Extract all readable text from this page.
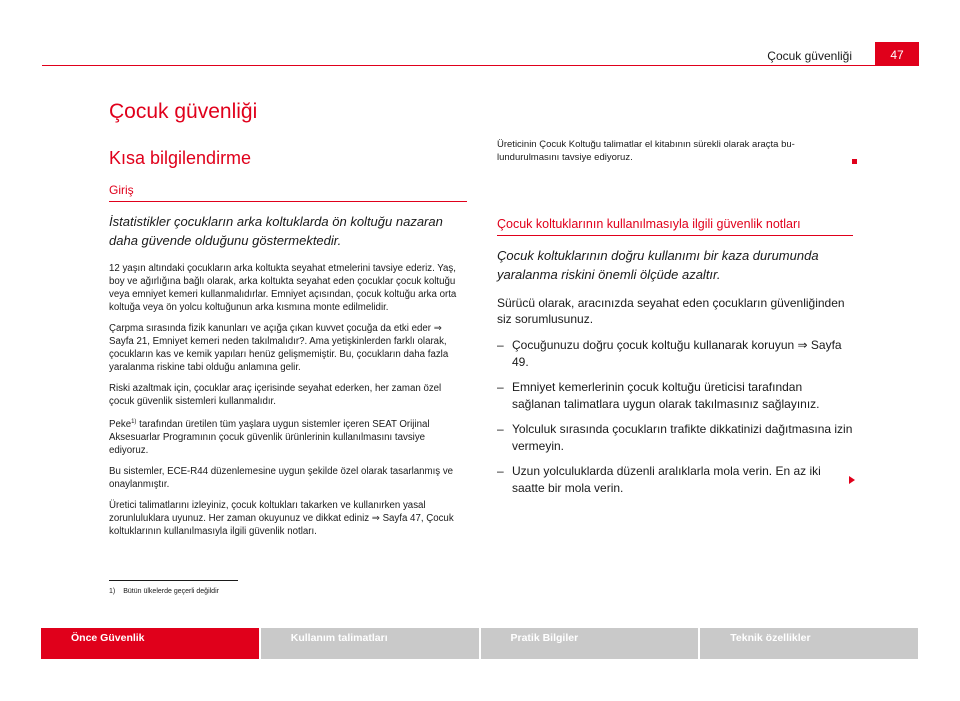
47
Çocuk güvenliği
Çocuk güvenliği
Kısa bilgilendirme
Giriş

İstatistikler çocukların arka koltuklarda ön koltuğu nazaran daha güvende olduğunu göstermektedir.

12 yaşın altındaki çocukların arka koltukta seyahat etmelerini tavsiye ederiz. Yaş, boy ve ağırlığına bağlı olarak, arka koltukta seyahat eden çocuklar çocuk koltuğu veya emniyet kemeri kullanmalıdırlar. Emniyet açısından, çocuk koltuğu arka orta koltuğa veya ön yolcu koltuğunun arka kısmına monte edilmelidir.

Çarpma sırasında fizik kanunları ve açığa çıkan kuvvet çocuğa da etki eder ⇒ Sayfa 21, Emniyet kemeri neden takılmalıdır?. Ama yetişkinlerden farklı olarak, çocukların kas ve kemik yapıları henüz gelişmemiştir. Bu, çocukların daha fazla yaralanma riskine tabi olduğu anlamına gelir.

Riski azaltmak için, çocuklar araç içerisinde seyahat ederken, her zaman özel çocuk güvenlik sistemleri kullanmalıdır.

Peke$^{1)}$ tarafından üretilen tüm yaşlara uygun sistemler içeren SEAT Orijinal Aksesuarlar Programının çocuk güvenlik ürünlerinin kullanılmasını tavsiye ediyoruz.

Bu sistemler, ECE-R44 düzenlemesine uygun şekilde özel olarak tasarlanmış ve onaylanmıştır.

Üretici talimatlarını izleyiniz, çocuk koltukları takarken ve kullanırken yasal zorunluluklara uyunuz. Her zaman okuyunuz ve dikkat ediniz ⇒ Sayfa 47, Çocuk koltuklarının kullanılmasıyla ilgili güvenlik notları.

Üreticinin Çocuk Koltuğu talimatlar el kitabının sürekli olarak araçta bulundurulmasını tavsiye ediyoruz.

Çocuk koltuklarının kullanılmasıyla ilgili güvenlik notları

Çocuk koltuklarının doğru kullanımı bir kaza durumunda yaralanma riskini önemli ölçüde azaltır.

Sürücü olarak, aracınızda seyahat eden çocukların güvenliğinden siz sorumlusunuz.

– Çocuğunuzu doğru çocuk koltuğu kullanarak koruyun ⇒ Sayfa 49.
– Emniyet kemerlerinin çocuk koltuğu üreticisi tarafından sağlanan talimatlara uygun olarak takılmasınız sağlayınız.
– Yolculuk sırasında çocukların trafikte dikkatinizi dağıtmasına izin vermeyin.
– Uzun yolculuklarda düzenli aralıklarla mola verin. En az iki saatte bir mola verin.
1) Bütün ülkelerde geçerli değildir
Önce Güvenlik	Kullanım talimatları	Pratik Bilgiler	Teknik özellikler
